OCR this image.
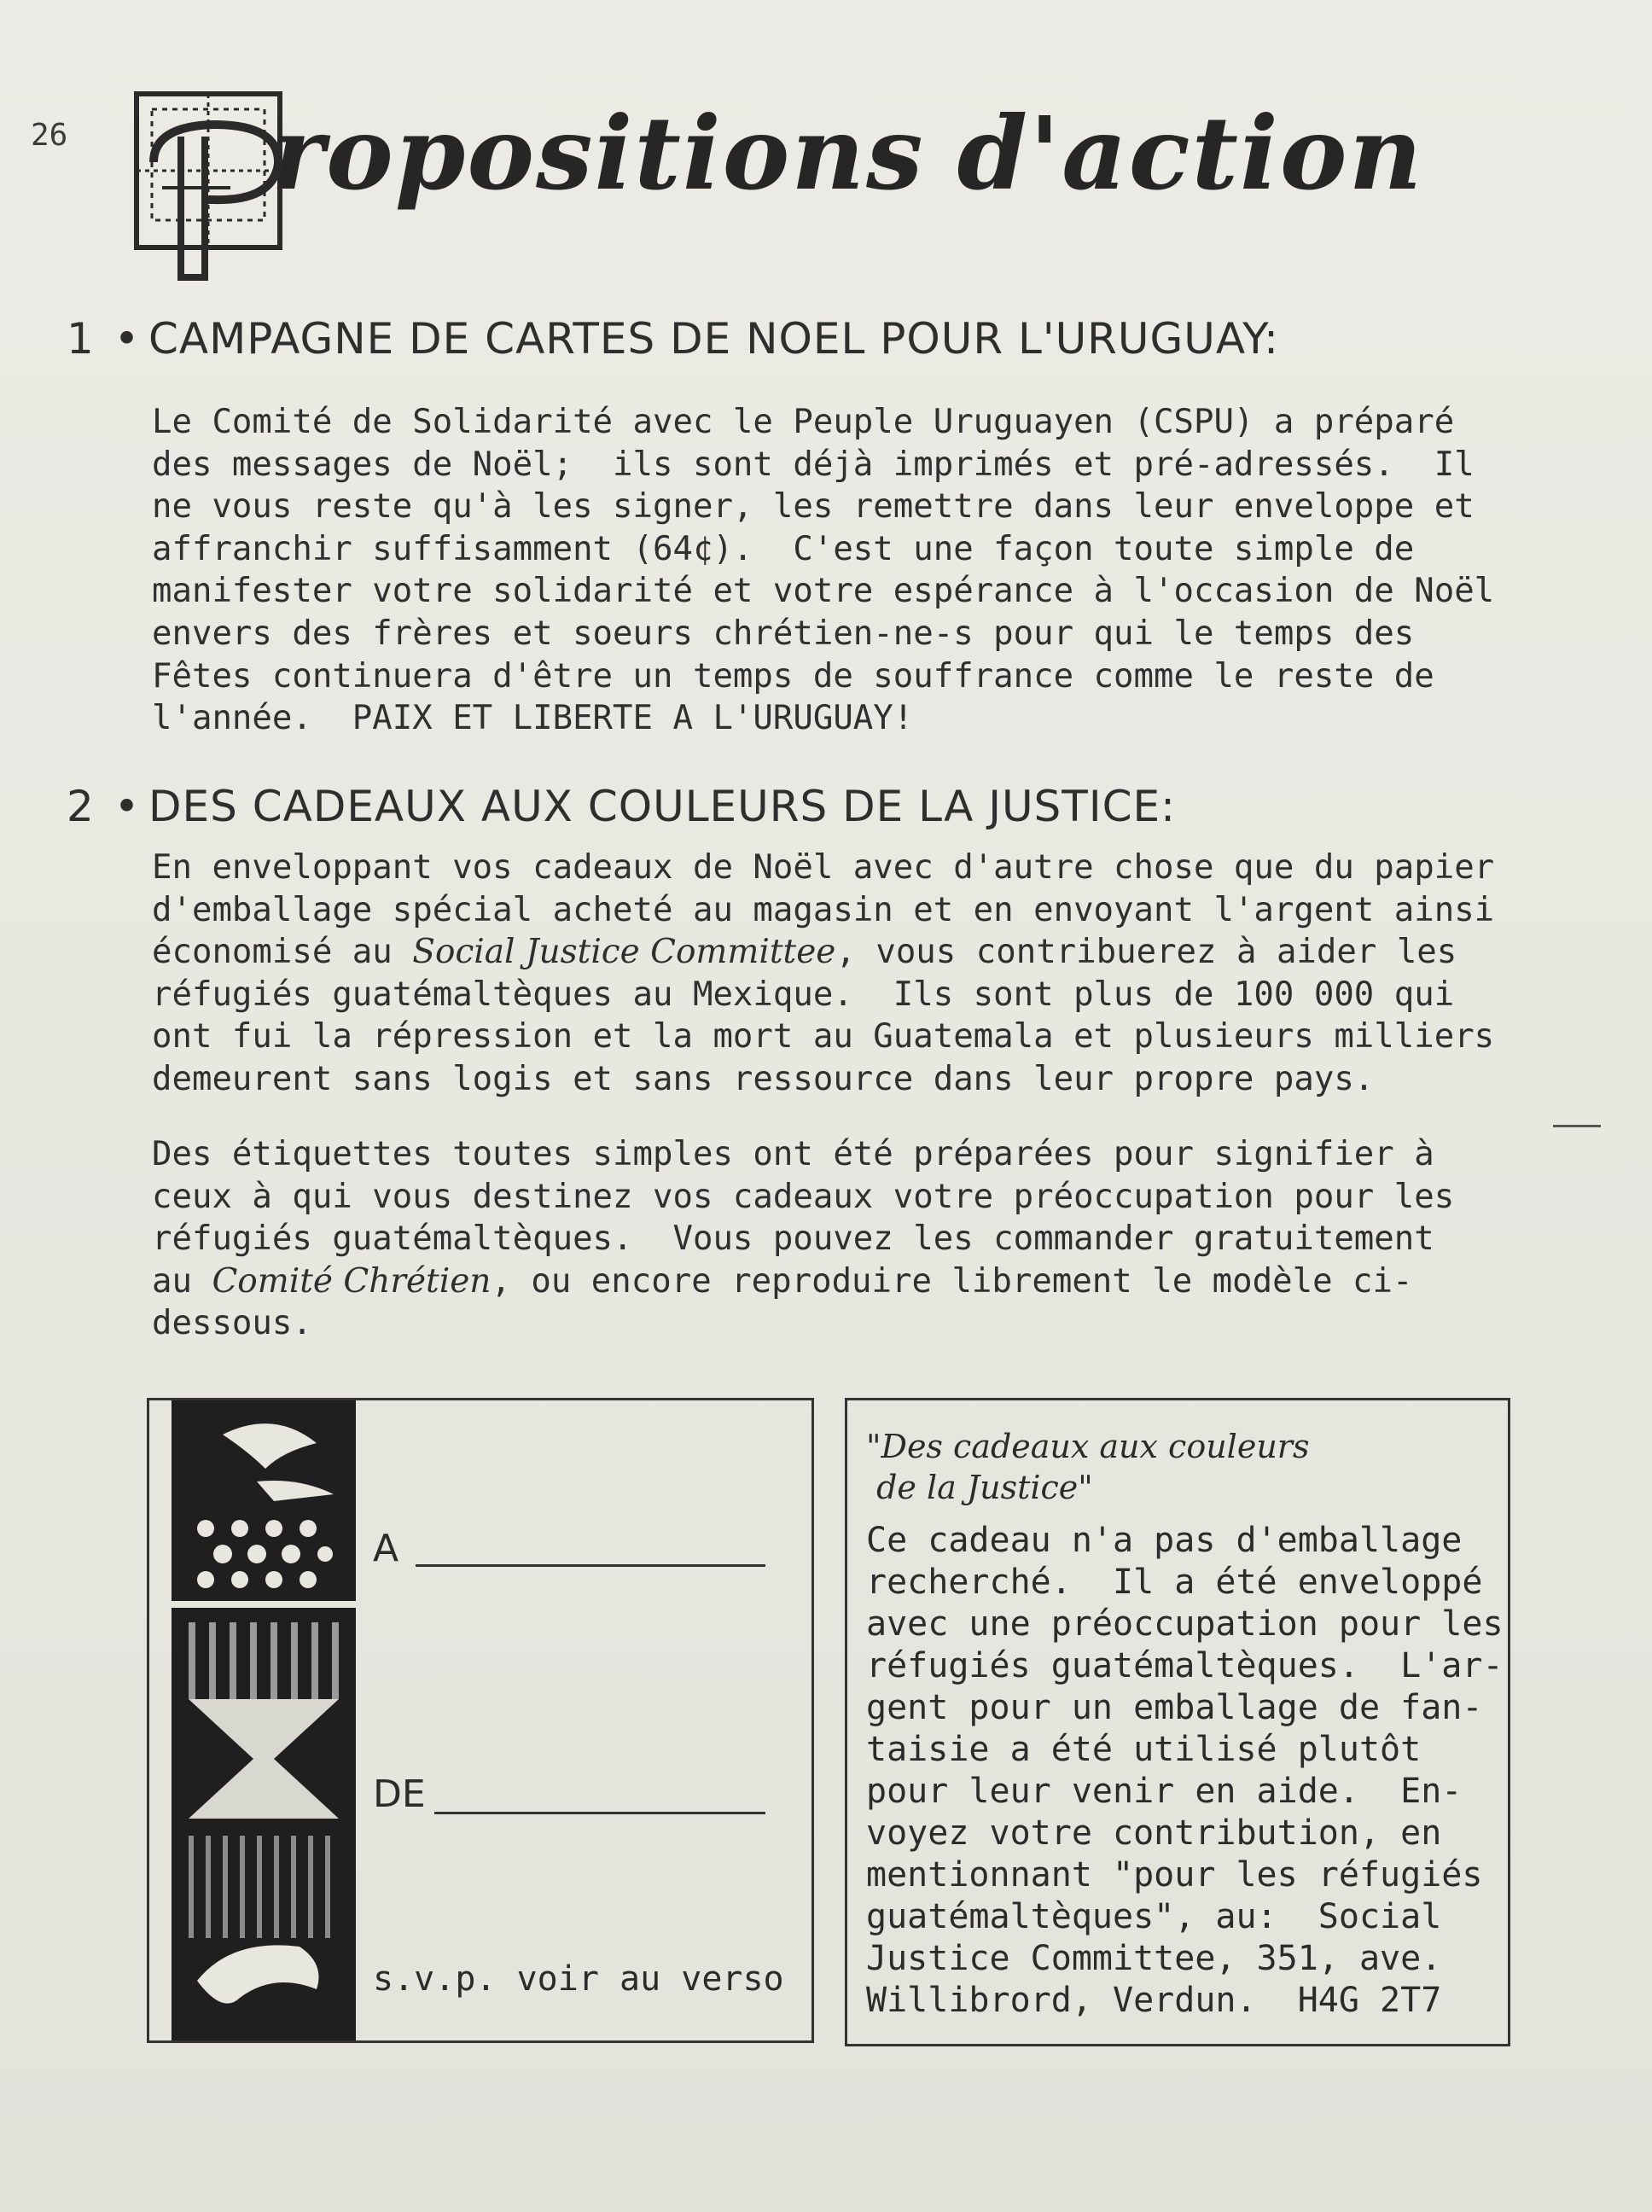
26 ropositions d'action
1 • CAMPAGNE DE CARTES DE NOEL POUR L'URUGUAY:
Le Comité de Solidarité avec le Peuple Uruguayen (CSPU) a préparé
des messages de Noël;  ils sont déjà imprimés et pré-adressés.  Il
ne vous reste qu'à les signer, les remettre dans leur enveloppe et
affranchir suffisamment (64¢).  C'est une façon toute simple de
manifester votre solidarité et votre espérance à l'occasion de Noël
envers des frères et soeurs chrétien-ne-s pour qui le temps des
Fêtes continuera d'être un temps de souffrance comme le reste de
l'année.  PAIX ET LIBERTE A L'URUGUAY!
2 • DES CADEAUX AUX COULEURS DE LA JUSTICE:
En enveloppant vos cadeaux de Noël avec d'autre chose que du papier
d'emballage spécial acheté au magasin et en envoyant l'argent ainsi
économisé au Social Justice Committee, vous contribuerez à aider les
réfugiés guatémaltèques au Mexique.  Ils sont plus de 100 000 qui
ont fui la répression et la mort au Guatemala et plusieurs milliers
demeurent sans logis et sans ressource dans leur propre pays.
Des étiquettes toutes simples ont été préparées pour signifier à
ceux à qui vous destinez vos cadeaux votre préoccupation pour les
réfugiés guatémaltèques.  Vous pouvez les commander gratuitement
au Comité Chrétien, ou encore reproduire librement le modèle ci-
dessous.
A
DE
s.v.p. voir au verso
"Des cadeaux aux couleurs
de la Justice"
Ce cadeau n'a pas d'emballage
recherché.  Il a été enveloppé
avec une préoccupation pour les
réfugiés guatémaltèques.  L'ar-
gent pour un emballage de fan-
taisie a été utilisé plutôt
pour leur venir en aide.  En-
voyez votre contribution, en
mentionnant "pour les réfugiés
guatémaltèques", au:  Social
Justice Committee, 351, ave.
Willibrord, Verdun.  H4G 2T7
